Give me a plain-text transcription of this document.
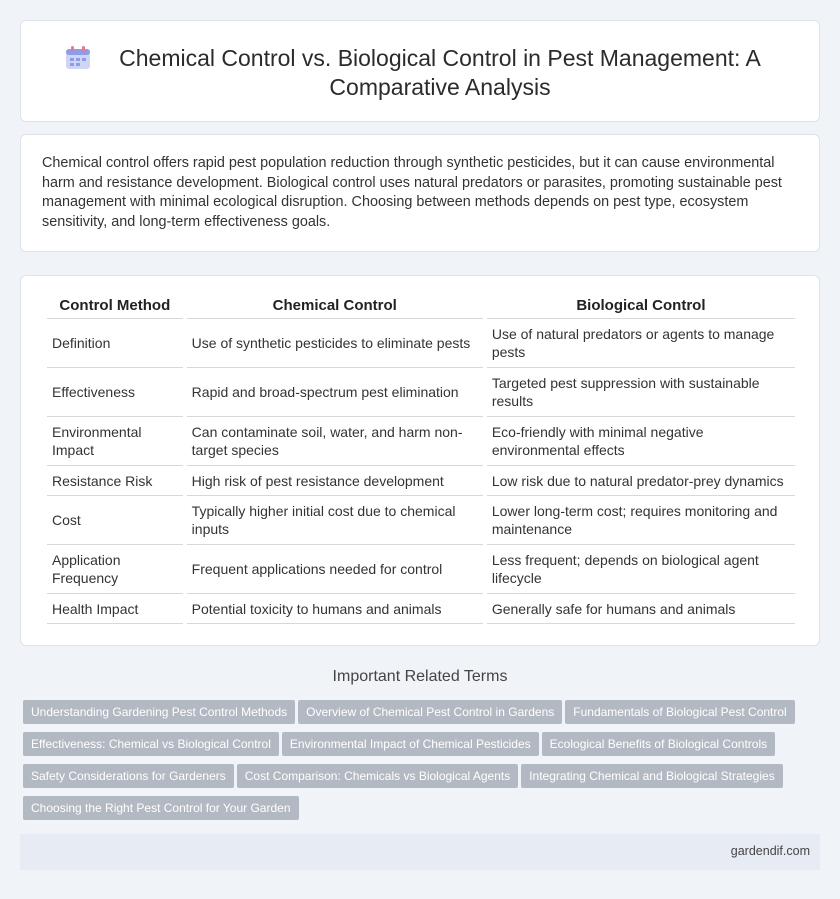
Chemical Control vs. Biological Control in Pest Management: A Comparative Analysis

Chemical control offers rapid pest population reduction through synthetic pesticides, but it can cause environmental harm and resistance development. Biological control uses natural predators or parasites, promoting sustainable pest management with minimal ecological disruption. Choosing between methods depends on pest type, ecosystem sensitivity, and long-term effectiveness goals.

Control Method	Chemical Control	Biological Control
Definition	Use of synthetic pesticides to eliminate pests	Use of natural predators or agents to manage pests
Effectiveness	Rapid and broad-spectrum pest elimination	Targeted pest suppression with sustainable results
Environmental Impact	Can contaminate soil, water, and harm non-target species	Eco-friendly with minimal negative environmental effects
Resistance Risk	High risk of pest resistance development	Low risk due to natural predator-prey dynamics
Cost	Typically higher initial cost due to chemical inputs	Lower long-term cost; requires monitoring and maintenance
Application Frequency	Frequent applications needed for control	Less frequent; depends on biological agent lifecycle
Health Impact	Potential toxicity to humans and animals	Generally safe for humans and animals
Important Related Terms
Understanding Gardening Pest Control Methods Overview of Chemical Pest Control in Gardens Fundamentals of Biological Pest Control
Effectiveness: Chemical vs Biological Control Environmental Impact of Chemical Pesticides Ecological Benefits of Biological Controls
Safety Considerations for Gardeners Cost Comparison: Chemicals vs Biological Agents Integrating Chemical and Biological Strategies
Choosing the Right Pest Control for Your Garden
gardendif.com
